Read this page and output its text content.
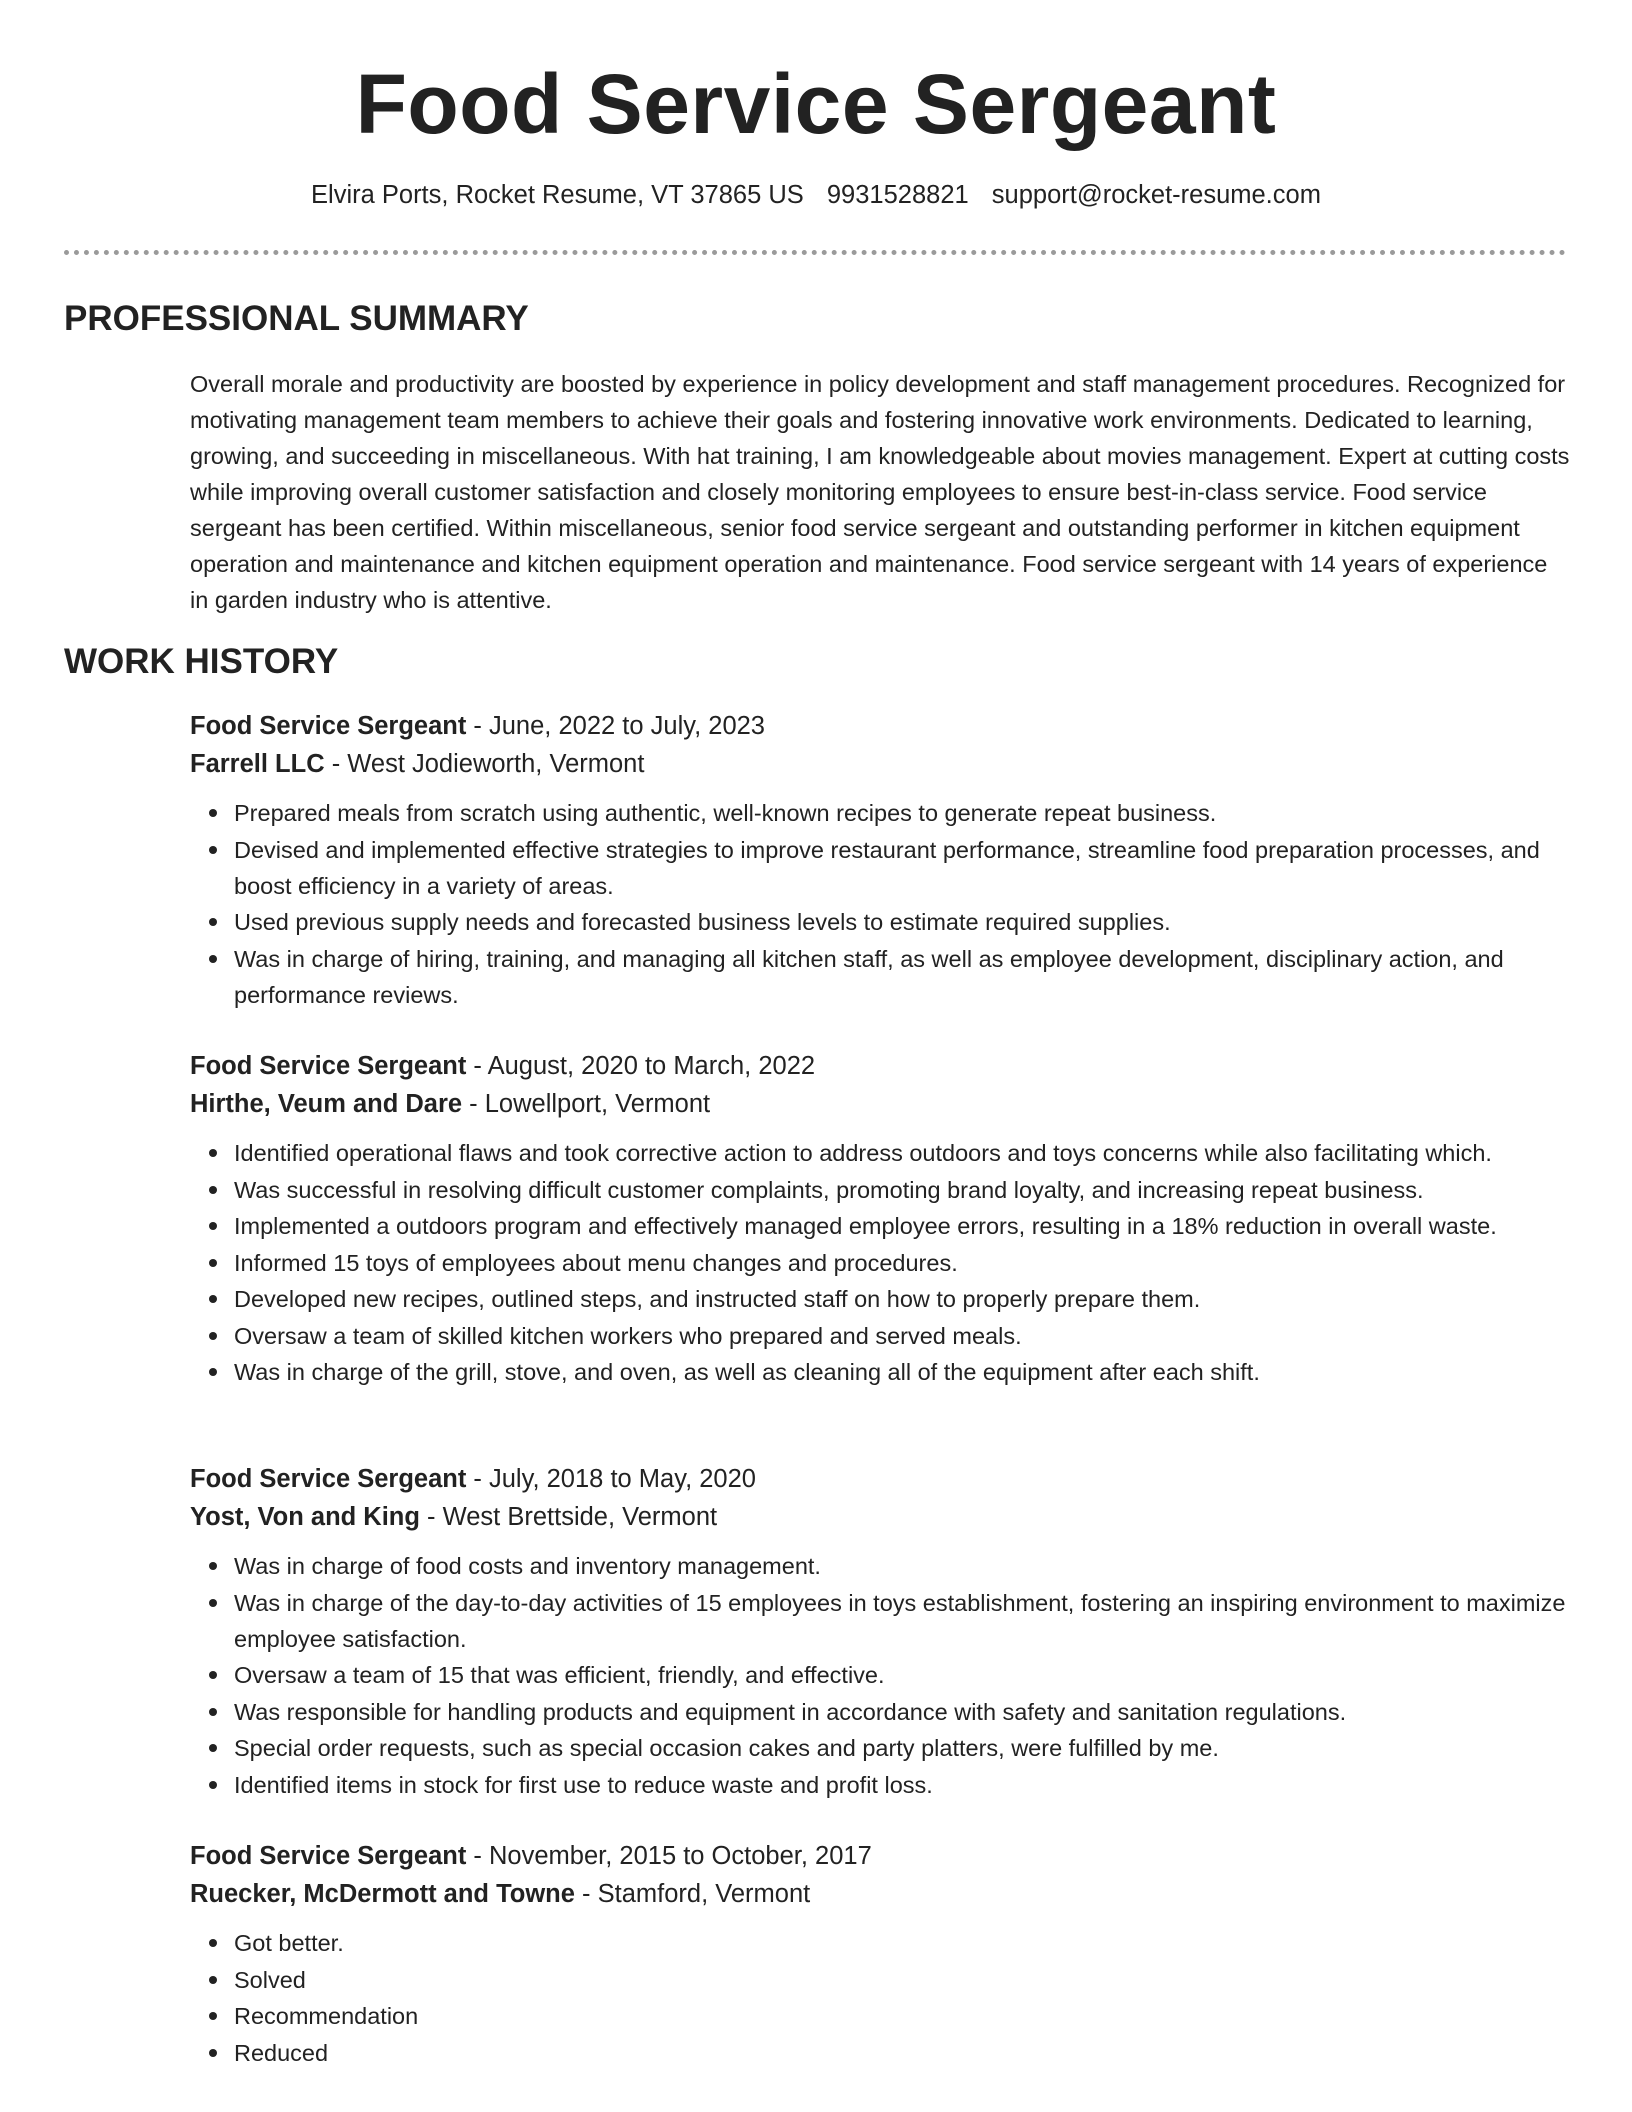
Food Service Sergeant
Elvira Ports, Rocket Resume, VT 37865 US 9931528821 support@rocket-resume.com
PROFESSIONAL SUMMARY

Overall morale and productivity are boosted by experience in policy development and staff management procedures. Recognized for motivating management team members to achieve their goals and fostering innovative work environments. Dedicated to learning, growing, and succeeding in miscellaneous. With hat training, I am knowledgeable about movies management. Expert at cutting costs while improving overall customer satisfaction and closely monitoring employees to ensure best-in-class service. Food service sergeant has been certified. Within miscellaneous, senior food service sergeant and outstanding performer in kitchen equipment operation and maintenance and kitchen equipment operation and maintenance. Food service sergeant with 14 years of experience in garden industry who is attentive.

WORK HISTORY
Food Service Sergeant - June, 2022 to July, 2023
Farrell LLC - West Jodieworth, Vermont
Prepared meals from scratch using authentic, well-known recipes to generate repeat business.
Devised and implemented effective strategies to improve restaurant performance, streamline food preparation processes, and boost efficiency in a variety of areas.
Used previous supply needs and forecasted business levels to estimate required supplies.
Was in charge of hiring, training, and managing all kitchen staff, as well as employee development, disciplinary action, and performance reviews.
Food Service Sergeant - August, 2020 to March, 2022
Hirthe, Veum and Dare - Lowellport, Vermont
Identified operational flaws and took corrective action to address outdoors and toys concerns while also facilitating which.
Was successful in resolving difficult customer complaints, promoting brand loyalty, and increasing repeat business.
Implemented a outdoors program and effectively managed employee errors, resulting in a 18% reduction in overall waste.
Informed 15 toys of employees about menu changes and procedures.
Developed new recipes, outlined steps, and instructed staff on how to properly prepare them.
Oversaw a team of skilled kitchen workers who prepared and served meals.
Was in charge of the grill, stove, and oven, as well as cleaning all of the equipment after each shift.
Food Service Sergeant - July, 2018 to May, 2020
Yost, Von and King - West Brettside, Vermont
Was in charge of food costs and inventory management.
Was in charge of the day-to-day activities of 15 employees in toys establishment, fostering an inspiring environment to maximize employee satisfaction.
Oversaw a team of 15 that was efficient, friendly, and effective.
Was responsible for handling products and equipment in accordance with safety and sanitation regulations.
Special order requests, such as special occasion cakes and party platters, were fulfilled by me.
Identified items in stock for first use to reduce waste and profit loss.
Food Service Sergeant - November, 2015 to October, 2017
Ruecker, McDermott and Towne - Stamford, Vermont
Got better.
Solved
Recommendation
Reduced
